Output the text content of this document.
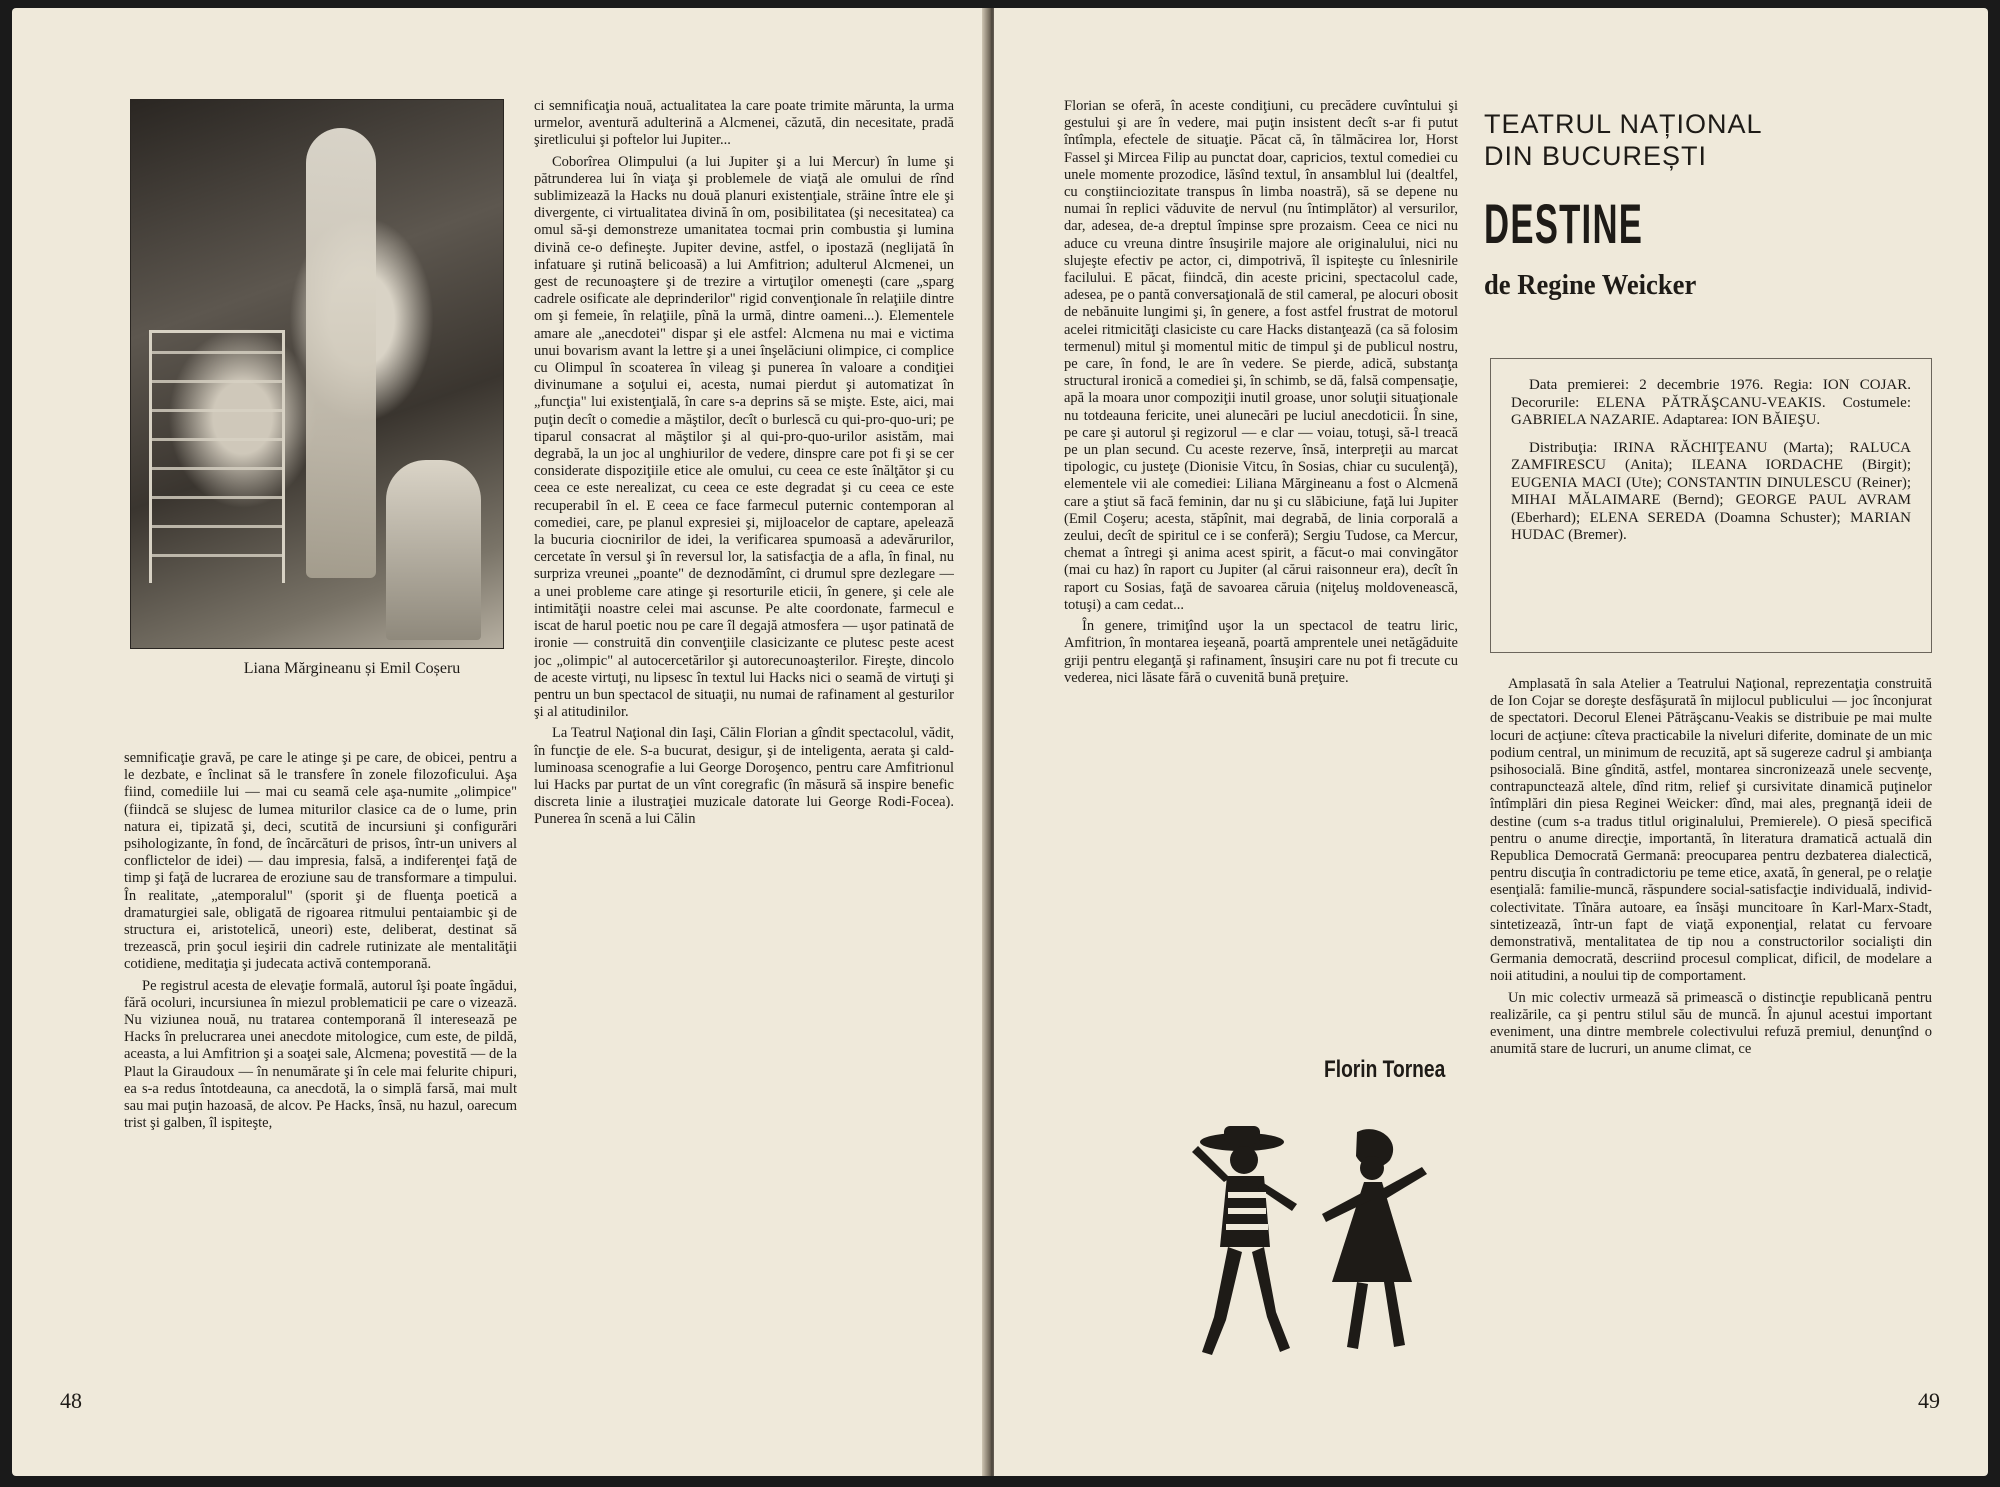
Liana Mărgineanu și Emil Coșeru

semnificaţie gravă, pe care le atinge şi pe care, de obicei, pentru a le dezbate, e înclinat să le transfere în zonele filozoficului. Aşa fiind, comediile lui — mai cu seamă cele aşa-numite „olimpice" (fiindcă se slujesc de lumea miturilor clasice ca de o lume, prin natura ei, tipizată şi, deci, scutită de incursiuni şi configurări psihologizante, în fond, de încărcături de prisos, într-un univers al conflictelor de idei) — dau impresia, falsă, a indiferenţei faţă de timp şi faţă de lucrarea de eroziune sau de transformare a timpului. În realitate, „atemporalul" (sporit şi de fluenţa poetică a dramaturgiei sale, obligată de rigoarea ritmului pentaiambic şi de structura ei, aristotelică, uneori) este, deliberat, destinat să trezească, prin şocul ieşirii din cadrele rutinizate ale mentalităţii cotidiene, meditaţia şi judecata activă contemporană.

Pe registrul acesta de elevaţie formală, autorul îşi poate îngădui, fără ocoluri, incursiunea în miezul problematicii pe care o vizează. Nu viziunea nouă, nu tratarea contemporană îl interesează pe Hacks în prelucrarea unei anecdote mitologice, cum este, de pildă, aceasta, a lui Amfitrion şi a soaţei sale, Alcmena; povestită — de la Plaut la Giraudoux — în nenumărate şi în cele mai felurite chipuri, ea s-a redus întotdeauna, ca anecdotă, la o simplă farsă, mai mult sau mai puţin hazoasă, de alcov. Pe Hacks, însă, nu hazul, oarecum trist şi galben, îl ispiteşte,

ci semnificaţia nouă, actualitatea la care poate trimite mărunta, la urma urmelor, aventură adulterină a Alcmenei, căzută, din necesitate, pradă şiretlicului şi poftelor lui Jupiter...

Coborîrea Olimpului (a lui Jupiter şi a lui Mercur) în lume şi pătrunderea lui în viaţa şi problemele de viaţă ale omului de rînd sublimizează la Hacks nu două planuri existenţiale, străine între ele şi divergente, ci virtualitatea divină în om, posibilitatea (şi necesitatea) ca omul să-şi demonstreze umanitatea tocmai prin combustia şi lumina divină ce-o defineşte. Jupiter devine, astfel, o ipostază (neglijată în infatuare şi rutină belicoasă) a lui Amfitrion; adulterul Alcmenei, un gest de recunoaştere şi de trezire a virtuţilor omeneşti (care „sparg cadrele osificate ale deprinderilor" rigid convenţionale în relaţiile dintre om şi femeie, în relaţiile, pînă la urmă, dintre oameni...). Elementele amare ale „anecdotei" dispar şi ele astfel: Alcmena nu mai e victima unui bovarism avant la lettre şi a unei înşelăciuni olimpice, ci complice cu Olimpul în scoaterea în vileag şi punerea în valoare a condiţiei divinumane a soţului ei, acesta, numai pierdut şi automatizat în „funcţia" lui existenţială, în care s-a deprins să se mişte. Este, aici, mai puţin decît o comedie a măştilor, decît o burlescă cu qui-pro-quo-uri; pe tiparul consacrat al măştilor şi al qui-pro-quo-urilor asistăm, mai degrabă, la un joc al unghiurilor de vedere, dinspre care pot fi şi se cer considerate dispoziţiile etice ale omului, cu ceea ce este înălţător şi cu ceea ce este nerealizat, cu ceea ce este degradat şi cu ceea ce este recuperabil în el. E ceea ce face farmecul puternic contemporan al comediei, care, pe planul expresiei şi, mijloacelor de captare, apelează la bucuria ciocnirilor de idei, la verificarea spumoasă a adevărurilor, cercetate în versul şi în reversul lor, la satisfacţia de a afla, în final, nu surpriza vreunei „poante" de deznodămînt, ci drumul spre dezlegare — a unei probleme care atinge şi resorturile eticii, în genere, şi cele ale intimităţii noastre celei mai ascunse. Pe alte coordonate, farmecul e iscat de harul poetic nou pe care îl degajă atmosfera — uşor patinată de ironie — construită din convenţiile clasicizante ce plutesc peste acest joc „olimpic" al autocercetărilor şi autorecunoaşterilor. Fireşte, dincolo de aceste virtuţi, nu lipsesc în textul lui Hacks nici o seamă de virtuţi şi pentru un bun spectacol de situaţii, nu numai de rafinament al gesturilor şi al atitudinilor.

La Teatrul Naţional din Iaşi, Călin Florian a gîndit spectacolul, vădit, în funcţie de ele. S-a bucurat, desigur, şi de inteligenta, aerata şi cald-luminoasa scenografie a lui George Doroşenco, pentru care Amfitrionul lui Hacks par purtat de un vînt coregrafic (în măsură să inspire benefic discreta linie a ilustraţiei muzicale datorate lui George Rodi-Focea). Punerea în scenă a lui Călin

48

Florian se oferă, în aceste condiţiuni, cu precădere cuvîntului şi gestului şi are în vedere, mai puţin insistent decît s-ar fi putut întîmpla, efectele de situaţie. Păcat că, în tălmăcirea lor, Horst Fassel şi Mircea Filip au punctat doar, capricios, textul comediei cu unele momente prozodice, lăsînd textul, în ansamblul lui (dealtfel, cu conştiinciozitate transpus în limba noastră), să se depene nu numai în replici văduvite de nervul (nu întimplător) al versurilor, dar, adesea, de-a dreptul împinse spre prozaism. Ceea ce nici nu aduce cu vreuna dintre însuşirile majore ale originalului, nici nu slujeşte efectiv pe actor, ci, dimpotrivă, îl ispiteşte cu înlesnirile facilului. E păcat, fiindcă, din aceste pricini, spectacolul cade, adesea, pe o pantă conversaţională de stil cameral, pe alocuri obosit de nebănuite lungimi şi, în genere, a fost astfel frustrat de motorul acelei ritmicităţi clasiciste cu care Hacks distanţează (ca să folosim termenul) mitul şi momentul mitic de timpul şi de publicul nostru, pe care, în fond, le are în vedere. Se pierde, adică, substanţa structural ironică a comediei şi, în schimb, se dă, falsă compensaţie, apă la moara unor compoziţii inutil groase, unor soluţii situaţionale nu totdeauna fericite, unei alunecări pe luciul anecdoticii. În sine, pe care şi autorul şi regizorul — e clar — voiau, totuşi, să-l treacă pe un plan secund. Cu aceste rezerve, însă, interpreţii au marcat tipologic, cu justeţe (Dionisie Vitcu, în Sosias, chiar cu suculenţă), elementele vii ale comediei: Liliana Mărgineanu a fost o Alcmenă care a ştiut să facă feminin, dar nu şi cu slăbiciune, faţă lui Jupiter (Emil Coşeru; acesta, stăpînit, mai degrabă, de linia corporală a zeului, decît de spiritul ce i se conferă); Sergiu Tudose, ca Mercur, chemat a întregi şi anima acest spirit, a făcut-o mai convingător (mai cu haz) în raport cu Jupiter (al cărui raisonneur era), decît în raport cu Sosias, faţă de savoarea căruia (niţeluş moldovenească, totuşi) a cam cedat...

În genere, trimiţînd uşor la un spectacol de teatru liric, Amfitrion, în montarea ieşeană, poartă amprentele unei netăgăduite griji pentru eleganţă şi rafinament, însuşiri care nu pot fi trecute cu vederea, nici lăsate fără o cuvenită bună preţuire.

Florin Tornea
TEATRUL NAȚIONAL
DIN BUCUREȘTI
DESTINE
de Regine Weicker

Data premierei: 2 decembrie 1976. Regia: ION COJAR. Decorurile: ELENA PĂTRĂŞCANU-VEAKIS. Costumele: GABRIELA NAZARIE. Adaptarea: ION BĂIEŞU.

Distribuţia: IRINA RĂCHIŢEANU (Marta); RALUCA ZAMFIRESCU (Anita); ILEANA IORDACHE (Birgit); EUGENIA MACI (Ute); CONSTANTIN DINULESCU (Reiner); MIHAI MĂLAIMARE (Bernd); GEORGE PAUL AVRAM (Eberhard); ELENA SEREDA (Doamna Schuster); MARIAN HUDAC (Bremer).

Amplasată în sala Atelier a Teatrului Naţional, reprezentaţia construită de Ion Cojar se doreşte desfăşurată în mijlocul publicului — joc înconjurat de spectatori. Decorul Elenei Pătrăşcanu-Veakis se distribuie pe mai multe locuri de acţiune: cîteva practicabile la niveluri diferite, dominate de un mic podium central, un minimum de recuzită, apt să sugereze cadrul şi ambianţa psihosocială. Bine gîndită, astfel, montarea sincronizează unele secvenţe, contrapunctează altele, dînd ritm, relief şi cursivitate dinamică puţinelor întîmplări din piesa Reginei Weicker: dînd, mai ales, pregnanţă ideii de destine (cum s-a tradus titlul originalului, Premierele). O piesă specifică pentru o anume direcţie, importantă, în literatura dramatică actuală din Republica Democrată Germană: preocuparea pentru dezbaterea dialectică, pentru discuţia în contradictoriu pe teme etice, axată, în general, pe o relaţie esenţială: familie-muncă, răspundere social-satisfacţie individuală, individ-colectivitate. Tînăra autoare, ea însăşi muncitoare în Karl-Marx-Stadt, sintetizează, într-un fapt de viaţă exponenţial, relatat cu fervoare demonstrativă, mentalitatea de tip nou a constructorilor socialişti din Germania democrată, descriind procesul complicat, dificil, de modelare a noii atitudini, a noului tip de comportament.

Un mic colectiv urmează să primească o distincţie republicană pentru realizările, ca şi pentru stilul său de muncă. În ajunul acestui important eveniment, una dintre membrele colectivului refuză premiul, denunţînd o anumită stare de lucruri, un anume climat, ce

49
